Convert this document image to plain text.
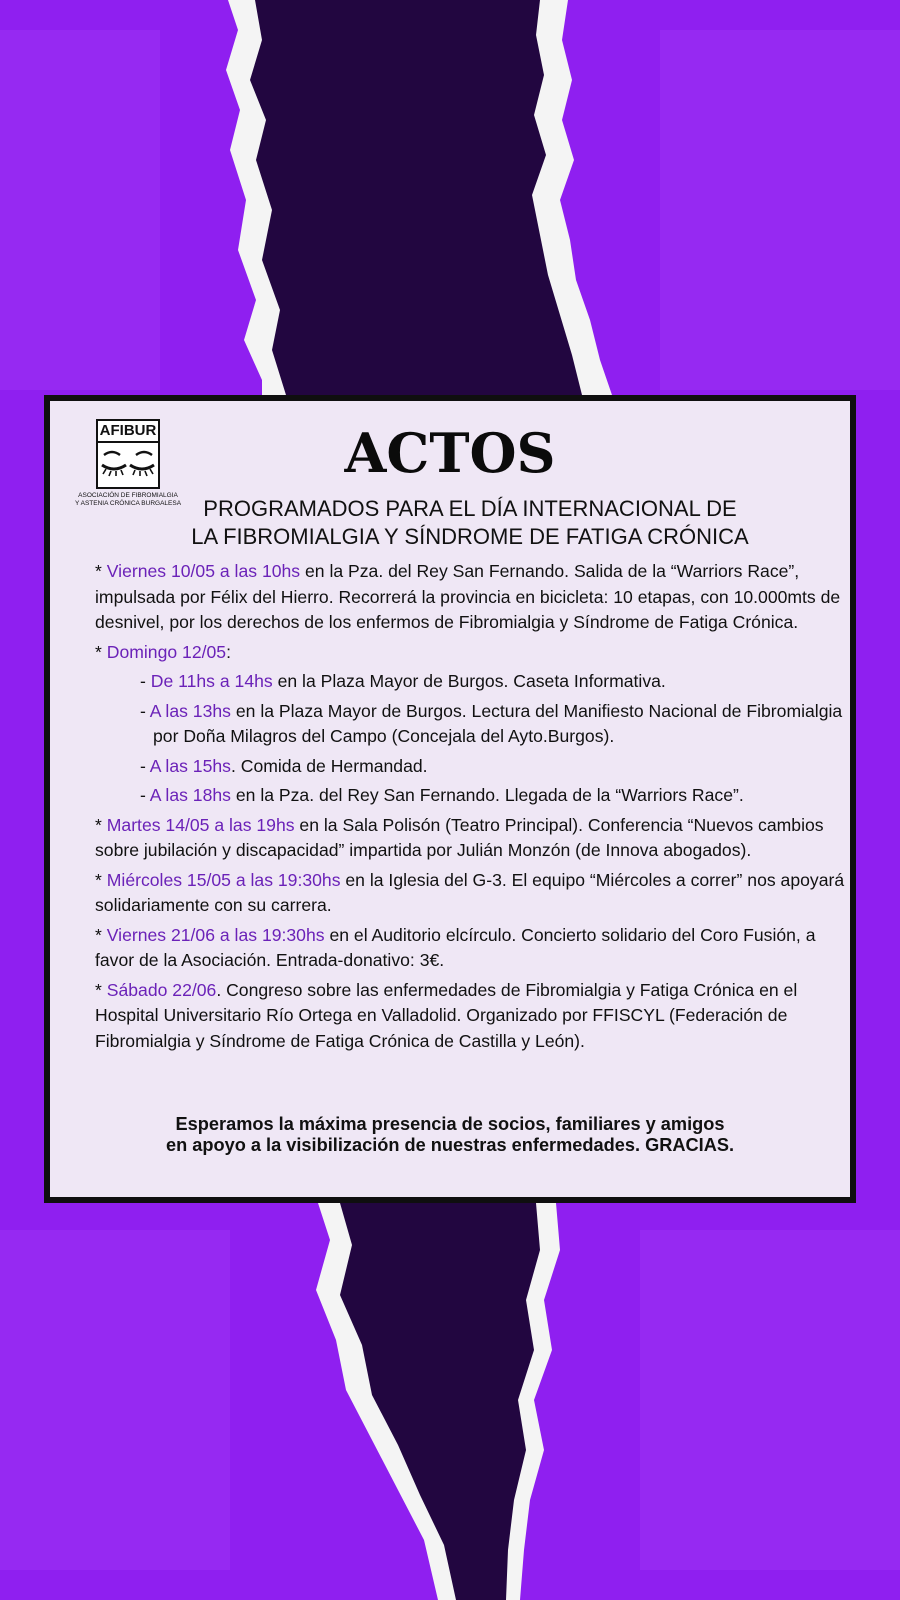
AFIBUR
ASOCIACIÓN DE FIBROMIALGIA
Y ASTENIA CRÓNICA BURGALESA
ACTOS
PROGRAMADOS PARA EL DÍA INTERNACIONAL DE
LA FIBROMIALGIA Y SÍNDROME DE FATIGA CRÓNICA
* Viernes 10/05 a las 10hs en la Pza. del Rey San Fernando. Salida de la “Warriors Race”, impulsada por Félix del Hierro. Recorrerá la provincia en bicicleta: 10 etapas, con 10.000mts de desnivel, por los derechos de los enfermos de Fibromialgia y Síndrome de Fatiga Crónica.
* Domingo 12/05:
- De 11hs a 14hs en la Plaza Mayor de Burgos. Caseta Informativa.
- A las 13hs en la Plaza Mayor de Burgos. Lectura del Manifiesto Nacional de Fibromialgia por Doña Milagros del Campo (Concejala del Ayto.Burgos).
- A las 15hs. Comida de Hermandad.
- A las 18hs en la Pza. del Rey San Fernando. Llegada de la “Warriors Race”.
* Martes 14/05 a las 19hs en la Sala Polisón (Teatro Principal). Conferencia “Nuevos cambios sobre jubilación y discapacidad” impartida por Julián Monzón (de Innova abogados).
* Miércoles 15/05 a las 19:30hs en la Iglesia del G-3. El equipo “Miércoles a correr” nos apoyará solidariamente con su carrera.
* Viernes 21/06 a las 19:30hs en el Auditorio elcírculo. Concierto solidario del Coro Fusión, a favor de la Asociación. Entrada-donativo: 3€.
* Sábado 22/06. Congreso sobre las enfermedades de Fibromialgia y Fatiga Crónica en el Hospital Universitario Río Ortega en Valladolid. Organizado por FFISCYL (Federación de Fibromialgia y Síndrome de Fatiga Crónica de Castilla y León).
Esperamos la máxima presencia de socios, familiares y amigos
en apoyo a la visibilización de nuestras enfermedades. GRACIAS.
